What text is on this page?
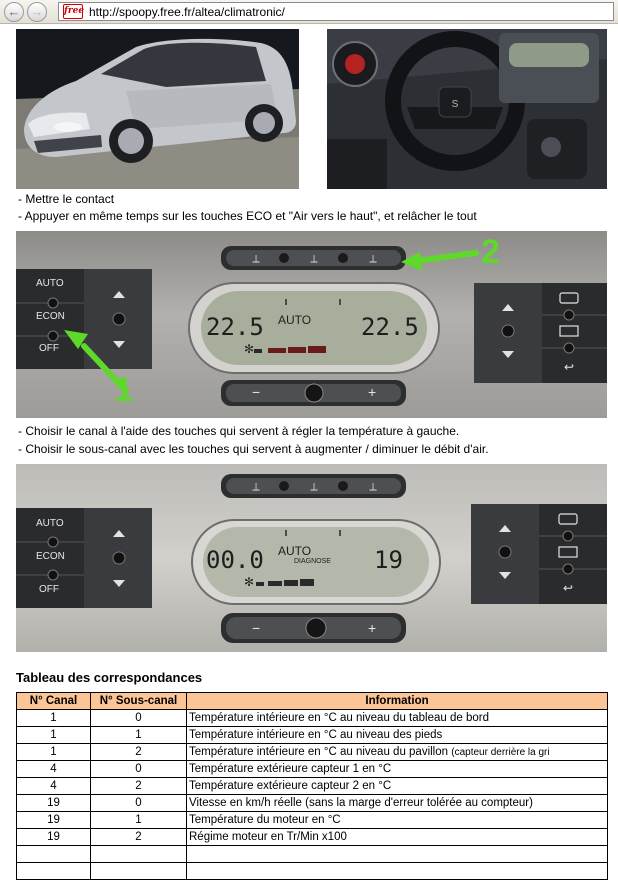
← →	free http://spoopy.free.fr/altea/climatronic/
S
- Mettre le contact
- Appuyer en même temps sur les touches ECO et "Air vers le haut", et relâcher le tout
⟂	⟂	⟂
✻
↩
AUTO
ECON
OFF
22.5 AUTO 22.5
−	+
1
2
- Choisir le canal à l'aide des touches qui servent à régler la température à gauche.
- Choisir le sous-canal avec les touches qui servent à augmenter / diminuer le débit d'air.
⟂	⟂	⟂
✻	↩
AUTO
ECON
OFF
00.0 AUTO
DIAGNOSE 19
−	+
Tableau des correspondances
N° Canal	N° Sous-canal	Information
1	0	Température intérieure en °C au niveau du tableau de bord
1	1	Température intérieure en °C au niveau des pieds
1	2	Température intérieure en °C au niveau du pavillon (capteur derrière la gri
4	0	Température extérieure capteur 1 en °C
4	2	Température extérieure capteur 2 en °C
19	0	Vitesse en km/h réelle (sans la marge d'erreur tolérée au compteur)
19	1	Température du moteur en °C
19	2	Régime moteur en Tr/Min x100
